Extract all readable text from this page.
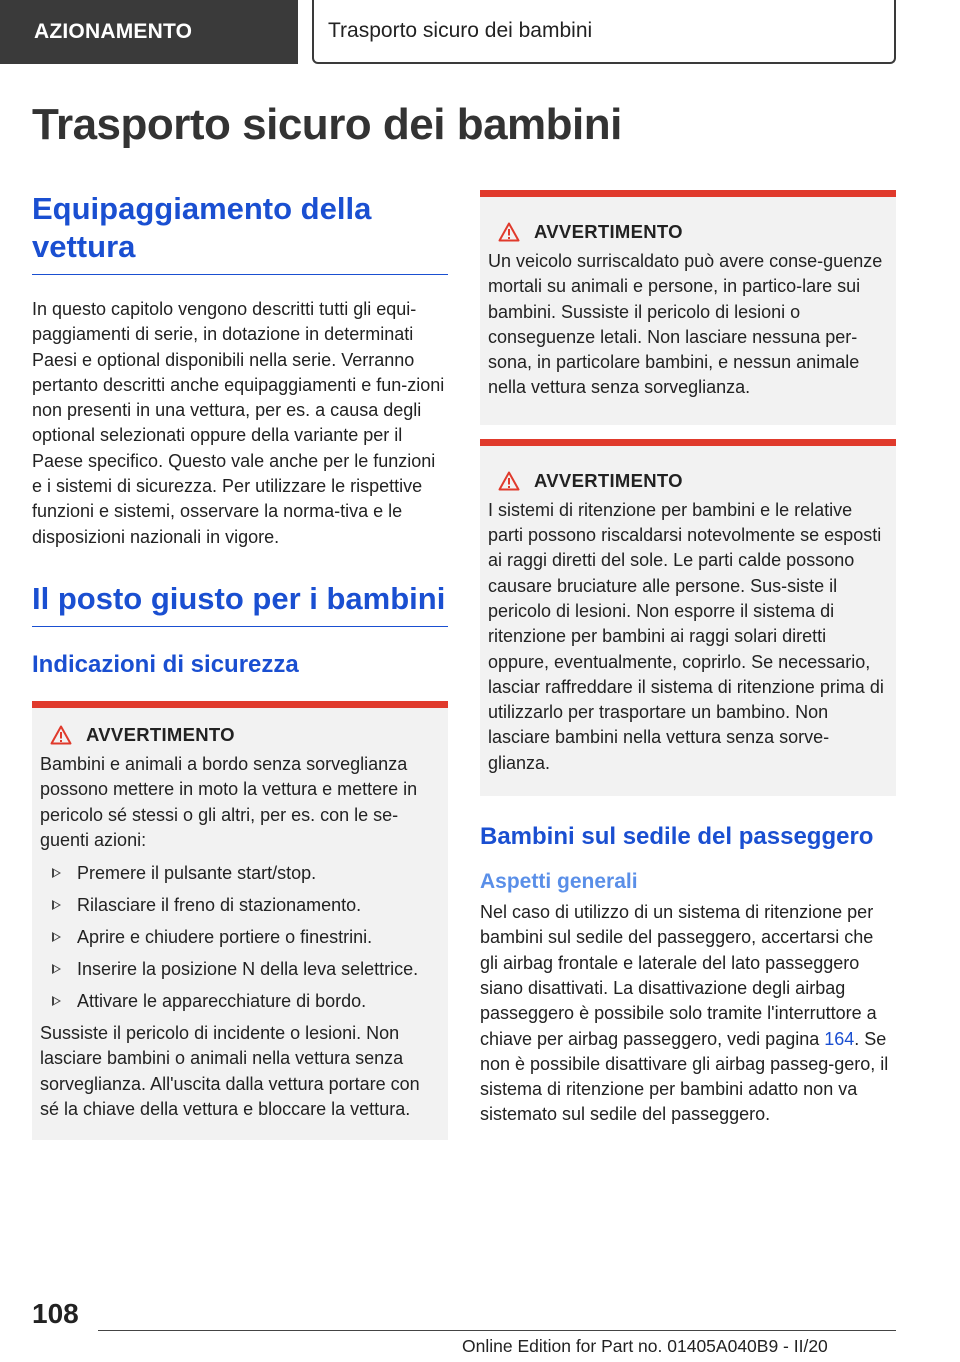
AZIONAMENTO	Trasporto sicuro dei bambini
Trasporto sicuro dei bambini
Equipaggiamento della vettura

In questo capitolo vengono descritti tutti gli equi-paggiamenti di serie, in dotazione in determinati Paesi e optional disponibili nella serie. Verranno pertanto descritti anche equipaggiamenti e fun-zioni non presenti in una vettura, per es. a causa degli optional selezionati oppure della variante per il Paese specifico. Questo vale anche per le funzioni e i sistemi di sicurezza. Per utilizzare le rispettive funzioni e sistemi, osservare la norma-tiva e le disposizioni nazionali in vigore.

Il posto giusto per i bambini
Indicazioni di sicurezza
AVVERTIMENTO

Bambini e animali a bordo senza sorveglianza possono mettere in moto la vettura e mettere in pericolo sé stessi o gli altri, per es. con le se-guenti azioni:

Premere il pulsante start/stop.
Rilasciare il freno di stazionamento.
Aprire e chiudere portiere o finestrini.
Inserire la posizione N della leva selettrice.
Attivare le apparecchiature di bordo.

Sussiste il pericolo di incidente o lesioni. Non lasciare bambini o animali nella vettura senza sorveglianza. All'uscita dalla vettura portare con sé la chiave della vettura e bloccare la vettura.

AVVERTIMENTO

Un veicolo surriscaldato può avere conse-guenze mortali su animali e persone, in partico-lare sui bambini. Sussiste il pericolo di lesioni o conseguenze letali. Non lasciare nessuna per-sona, in particolare bambini, e nessun animale nella vettura senza sorveglianza.

AVVERTIMENTO

I sistemi di ritenzione per bambini e le relative parti possono riscaldarsi notevolmente se esposti ai raggi diretti del sole. Le parti calde possono causare bruciature alle persone. Sus-siste il pericolo di lesioni. Non esporre il sistema di ritenzione per bambini ai raggi solari diretti oppure, eventualmente, coprirlo. Se necessario, lasciar raffreddare il sistema di ritenzione prima di utilizzarlo per trasportare un bambino. Non lasciare bambini nella vettura senza sorve-glianza.

Bambini sul sedile del passeggero
Aspetti generali

Nel caso di utilizzo di un sistema di ritenzione per bambini sul sedile del passeggero, accertarsi che gli airbag frontale e laterale del lato passeggero siano disattivati. La disattivazione degli airbag passeggero è possibile solo tramite l'interruttore a chiave per airbag passeggero, vedi pagina 164. Se non è possibile disattivare gli airbag passeg-gero, il sistema di ritenzione per bambini adatto non va sistemato sul sedile del passeggero.

108
Online Edition for Part no. 01405A040B9 - II/20
